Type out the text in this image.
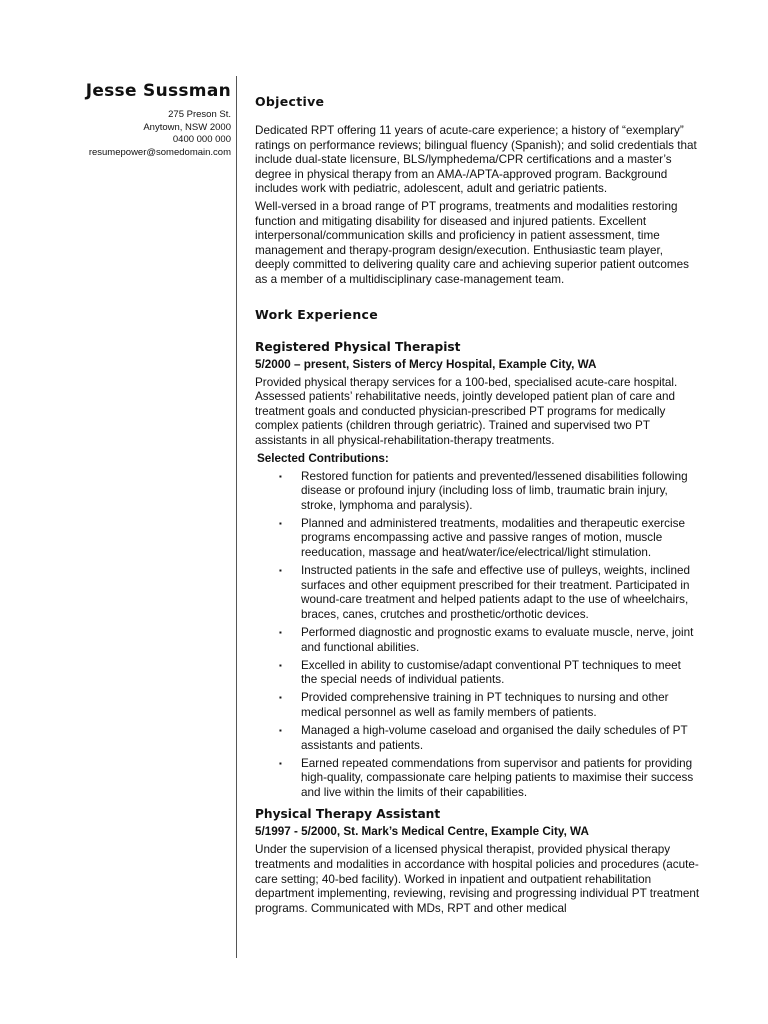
Jesse Sussman
275 Preson St.
Anytown, NSW 2000
0400 000 000
resumepower@somedomain.com
Objective

Dedicated RPT offering 11 years of acute-care experience; a history of “exemplary” ratings on performance reviews; bilingual fluency (Spanish); and solid credentials that include dual-state licensure, BLS/lymphedema/CPR certifications and a master’s degree in physical therapy from an AMA-/APTA-approved program. Background includes work with pediatric, adolescent, adult and geriatric patients.

Well-versed in a broad range of PT programs, treatments and modalities restoring function and mitigating disability for diseased and injured patients. Excellent interpersonal/communication skills and proficiency in patient assessment, time management and therapy-program design/execution. Enthusiastic team player, deeply committed to delivering quality care and achieving superior patient outcomes as a member of a multidisciplinary case-management team.

Work Experience
Registered Physical Therapist
5/2000 – present, Sisters of Mercy Hospital, Example City, WA

Provided physical therapy services for a 100-bed, specialised acute-care hospital. Assessed patients’ rehabilitative needs, jointly developed patient plan of care and treatment goals and conducted physician-prescribed PT programs for medically complex patients (children through geriatric). Trained and supervised two PT assistants in all physical-rehabilitation-therapy treatments.

Selected Contributions:
▪ Restored function for patients and prevented/lessened disabilities following disease or profound injury (including loss of limb, traumatic brain injury, stroke, lymphoma and paralysis).
▪ Planned and administered treatments, modalities and therapeutic exercise programs encompassing active and passive ranges of motion, muscle reeducation, massage and heat/water/ice/electrical/light stimulation.
▪ Instructed patients in the safe and effective use of pulleys, weights, inclined surfaces and other equipment prescribed for their treatment. Participated in wound-care treatment and helped patients adapt to the use of wheelchairs, braces, canes, crutches and prosthetic/orthotic devices.
▪ Performed diagnostic and prognostic exams to evaluate muscle, nerve, joint and functional abilities.
▪ Excelled in ability to customise/adapt conventional PT techniques to meet the special needs of individual patients.
▪ Provided comprehensive training in PT techniques to nursing and other medical personnel as well as family members of patients.
▪ Managed a high-volume caseload and organised the daily schedules of PT assistants and patients.
▪ Earned repeated commendations from supervisor and patients for providing high-quality, compassionate care helping patients to maximise their success and live within the limits of their capabilities.
Physical Therapy Assistant
5/1997 - 5/2000, St. Mark’s Medical Centre, Example City, WA

Under the supervision of a licensed physical therapist, provided physical therapy treatments and modalities in accordance with hospital policies and procedures (acute-care setting; 40-bed facility). Worked in inpatient and outpatient rehabilitation department implementing, reviewing, revising and progressing individual PT treatment programs. Communicated with MDs, RPT and other medical
